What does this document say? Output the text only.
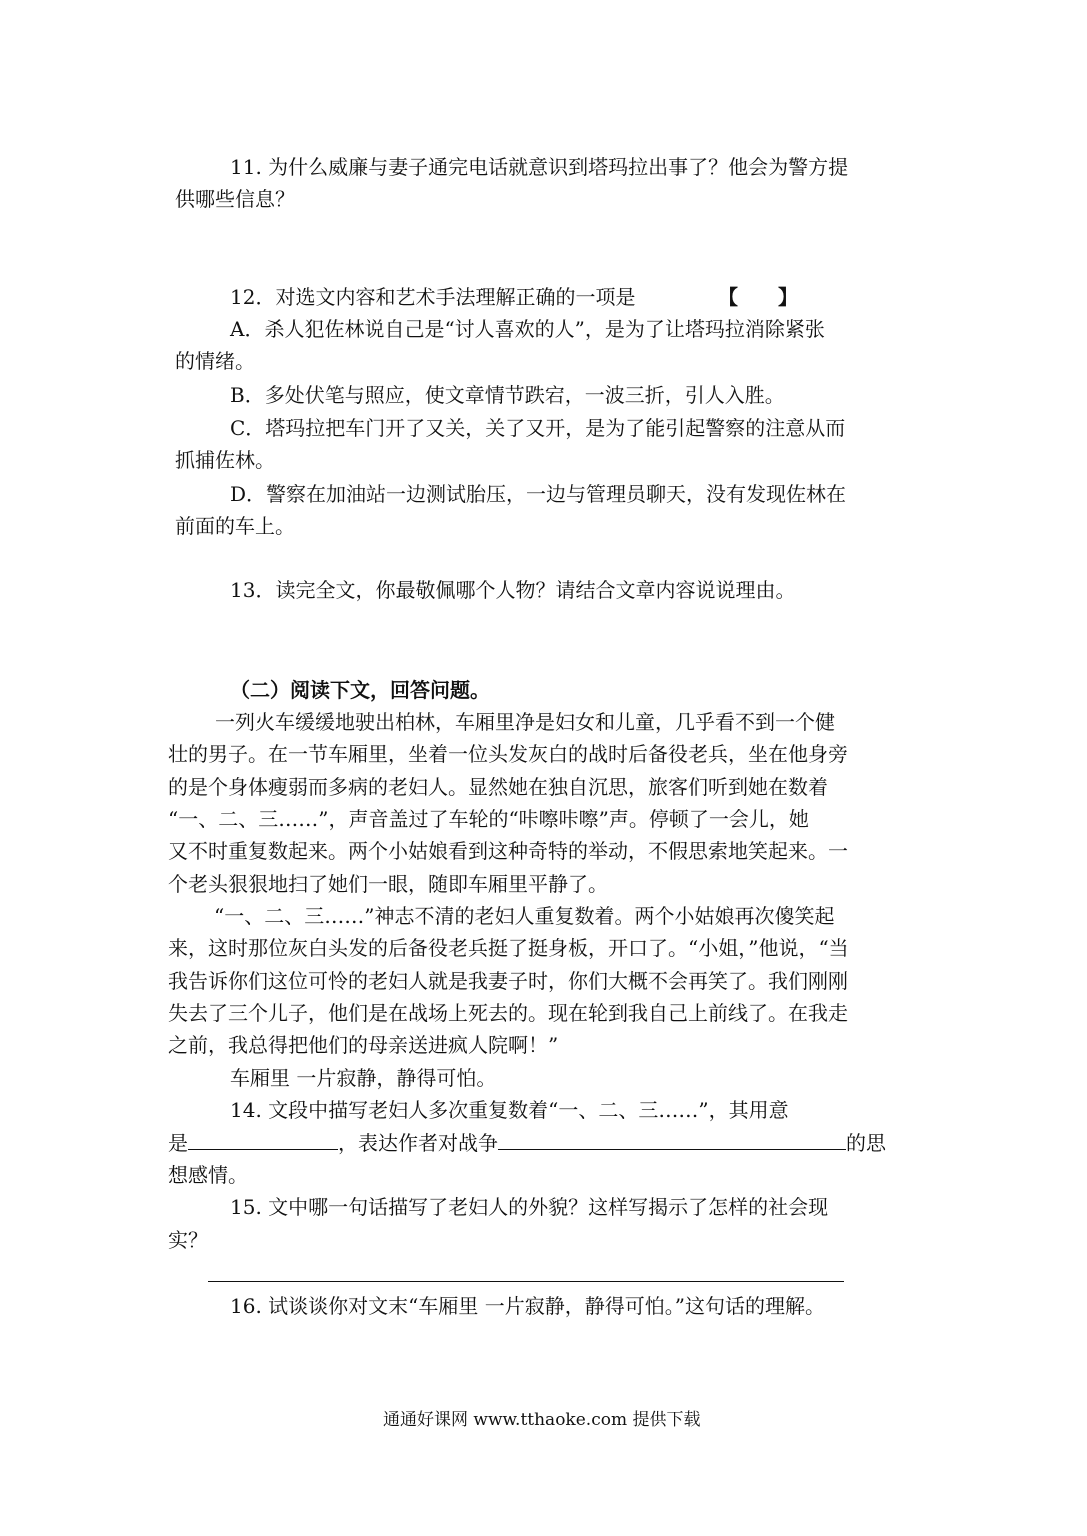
11. 为什么威廉与妻子通完电话就意识到塔玛拉出事了？他会为警方提
供哪些信息？
12．对选文内容和艺术手法理解正确的一项是	【　　】
A．杀人犯佐林说自己是“讨人喜欢的人”，是为了让塔玛拉消除紧张
的情绪。
B．多处伏笔与照应，使文章情节跌宕，一波三折，引人入胜。
C．塔玛拉把车门开了又关，关了又开，是为了能引起警察的注意从而
抓捕佐林。
D．警察在加油站一边测试胎压，一边与管理员聊天，没有发现佐林在
前面的车上。
13．读完全文，你最敬佩哪个人物？请结合文章内容说说理由。
（二）阅读下文，回答问题。
一列火车缓缓地驶出柏林，车厢里净是妇女和儿童，几乎看不到一个健
壮的男子。在一节车厢里，坐着一位头发灰白的战时后备役老兵，坐在他身旁
的是个身体瘦弱而多病的老妇人。显然她在独自沉思，旅客们听到她在数着
“一、二、三……”，声音盖过了车轮的“咔嚓咔嚓”声。停顿了一会儿，她
又不时重复数起来。两个小姑娘看到这种奇特的举动，不假思索地笑起来。一
个老头狠狠地扫了她们一眼，随即车厢里平静了。
“一、二、三……”神志不清的老妇人重复数着。两个小姑娘再次傻笑起
来，这时那位灰白头发的后备役老兵挺了挺身板，开口了。“小姐，”他说，“当
我告诉你们这位可怜的老妇人就是我妻子时，你们大概不会再笑了。我们刚刚
失去了三个儿子，他们是在战场上死去的。现在轮到我自己上前线了。在我走
之前，我总得把他们的母亲送进疯人院啊！”
车厢里 一片寂静，静得可怕。
14. 文段中描写老妇人多次重复数着“一、二、三……”，其用意
是	，表达作者对战争	的思
想感情。
15. 文中哪一句话描写了老妇人的外貌？这样写揭示了怎样的社会现
实？
16. 试谈谈你对文末“车厢里 一片寂静，静得可怕。”这句话的理解。
通通好课网 www.tthaoke.com 提供下载
